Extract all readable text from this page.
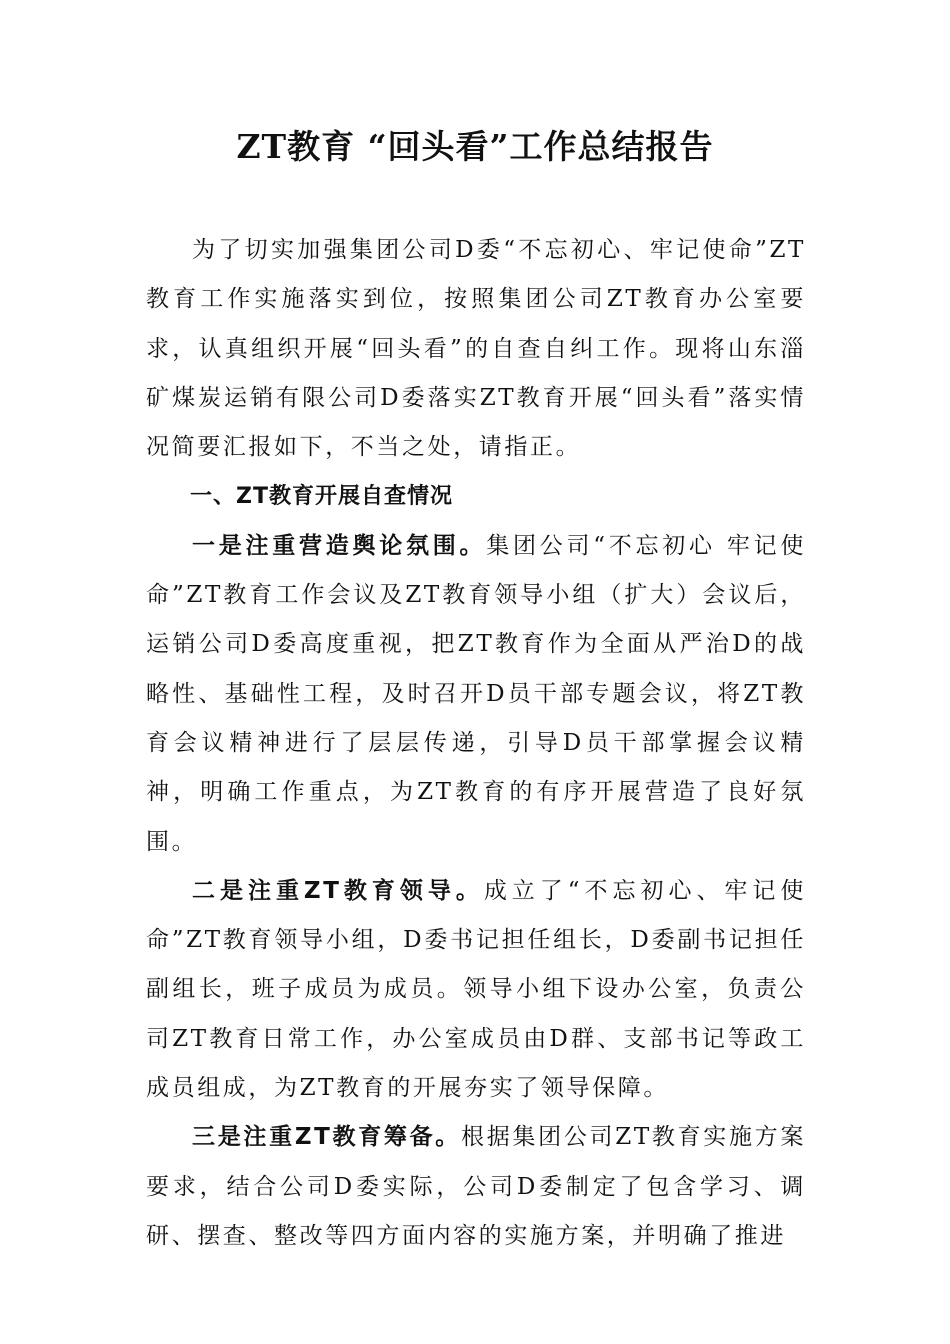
ZT教育 “回头看”工作总结报告

为了切实加强集团公司D委“不忘初心、牢记使命”ZT教育工作实施落实到位，按照集团公司ZT教育办公室要求，认真组织开展“回头看”的自查自纠工作。现将山东淄矿煤炭运销有限公司D委落实ZT教育开展“回头看”落实情况简要汇报如下，不当之处，请指正。

一、ZT教育开展自查情况

一是注重营造舆论氛围。集团公司“不忘初心 牢记使命”ZT教育工作会议及ZT教育领导小组（扩大）会议后，运销公司D委高度重视，把ZT教育作为全面从严治D的战略性、基础性工程，及时召开D员干部专题会议，将ZT教育会议精神进行了层层传递，引导D员干部掌握会议精神，明确工作重点，为ZT教育的有序开展营造了良好氛围。

二是注重ZT教育领导。成立了“不忘初心、牢记使命”ZT教育领导小组，D委书记担任组长，D委副书记担任副组长，班子成员为成员。领导小组下设办公室，负责公司ZT教育日常工作，办公室成员由D群、支部书记等政工成员组成，为ZT教育的开展夯实了领导保障。

三是注重ZT教育筹备。根据集团公司ZT教育实施方案要求，结合公司D委实际，公司D委制定了包含学习、调研、摆查、整改等四方面内容的实施方案，并明确了推进
